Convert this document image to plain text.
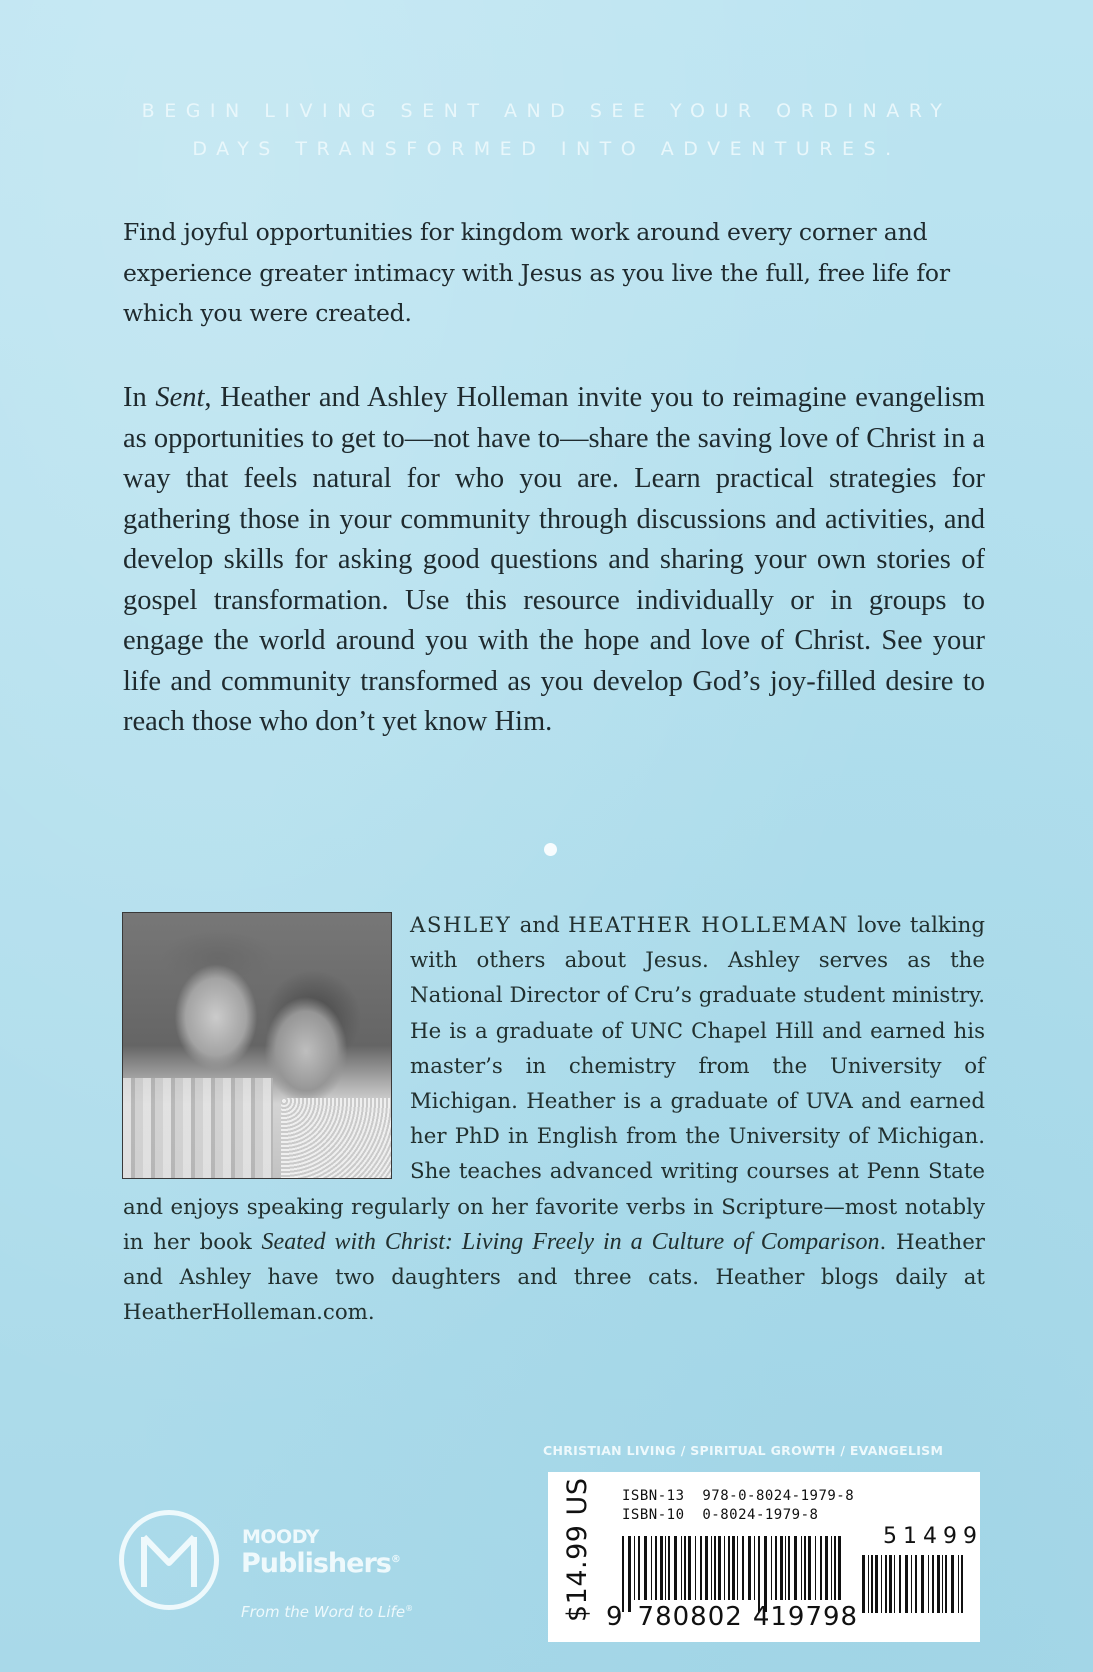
BEGIN LIVING SENT AND SEE YOUR ORDINARY
DAYS TRANSFORMED INTO ADVENTURES.
Find joyful opportunities for kingdom work around every corner and experience greater intimacy with Jesus as you live the full, free life for which you were created.
In Sent, Heather and Ashley Holleman invite you to reimagine evangelism as opportunities to get to—not have to—share the saving love of Christ in a way that feels natural for who you are. Learn practical strategies for gathering those in your community through discussions and activities, and develop skills for asking good questions and sharing your own stories of gospel transformation. Use this resource individually or in groups to engage the world around you with the hope and love of Christ. See your life and community transformed as you develop God’s joy-filled desire to reach those who don’t yet know Him.
ASHLEY and HEATHER HOLLEMAN love talking with others about Jesus. Ashley serves as the National Director of Cru’s graduate student ministry. He is a graduate of UNC Chapel Hill and earned his master’s in chemistry from the University of Michigan. Heather is a graduate of UVA and earned her PhD in English from the University of Michigan. She teaches advanced writing courses at Penn State and enjoys speaking regularly on her favorite verbs in Scripture—most notably in her book Seated with Christ: Living Freely in a Culture of Comparison. Heather and Ashley have two daughters and three cats. Heather blogs daily at HeatherHolleman.com.
CHRISTIAN LIVING / SPIRITUAL GROWTH / EVANGELISM
MOODY
Publishers®
From the Word to Life®	$14.99 US ISBN-13 978-0-8024-1979-8
ISBN-10 0-8024-1979-8
9 780802 419798
51499
